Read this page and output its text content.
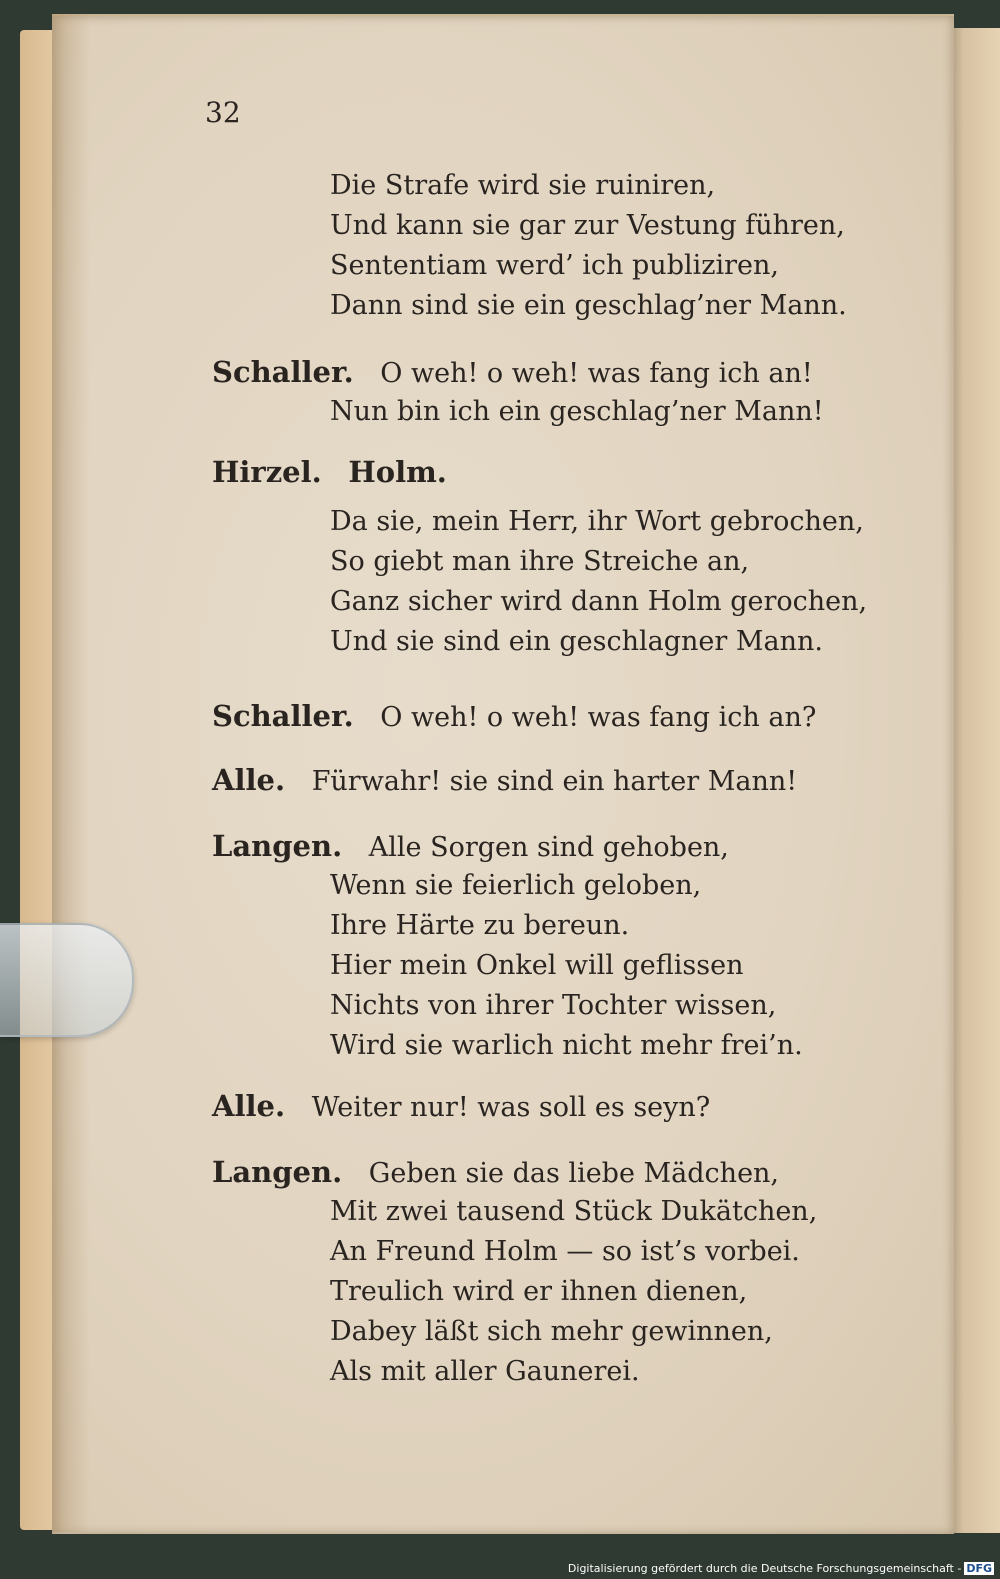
32
Die Strafe wird sie ruiniren,
Und kann sie gar zur Vestung führen,
Sententiam werd’ ich publiziren,
Dann sind sie ein geschlag’ner Mann.
Schaller. O weh! o weh! was fang ich an!
Nun bin ich ein geschlag’ner Mann!
Hirzel. Holm.
Da sie, mein Herr, ihr Wort gebrochen,
So giebt man ihre Streiche an,
Ganz sicher wird dann Holm gerochen,
Und sie sind ein geschlagner Mann.
Schaller. O weh! o weh! was fang ich an?
Alle. Fürwahr! sie sind ein harter Mann!
Langen. Alle Sorgen sind gehoben,
Wenn sie feierlich geloben,
Ihre Härte zu bereun.
Hier mein Onkel will geflissen
Nichts von ihrer Tochter wissen,
Wird sie warlich nicht mehr frei’n.
Alle. Weiter nur! was soll es seyn?
Langen. Geben sie das liebe Mädchen,
Mit zwei tausend Stück Dukätchen,
An Freund Holm — so ist’s vorbei.
Treulich wird er ihnen dienen,
Dabey läßt sich mehr gewinnen,
Als mit aller Gaunerei.
Digitalisierung gefördert durch die Deutsche Forschungsgemeinschaft - DFG
